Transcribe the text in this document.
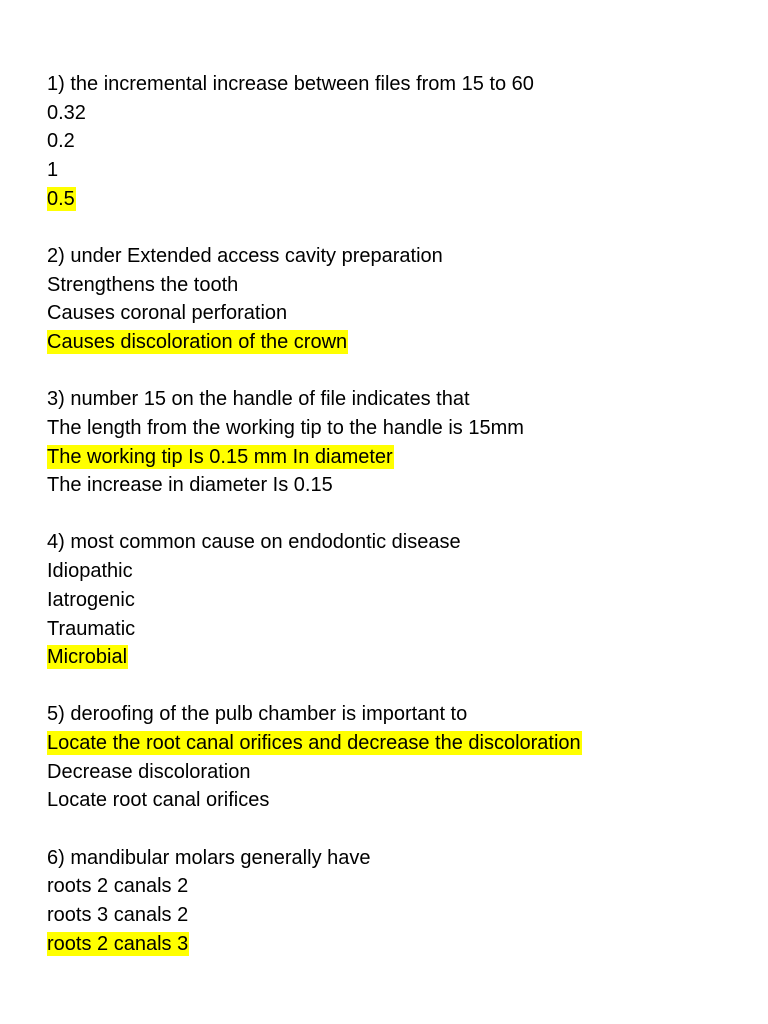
1) the incremental increase between files from 15 to 60
0.32
0.2
1
0.5
2) under Extended access cavity preparation
Strengthens the tooth
Causes coronal perforation
Causes discoloration of the crown
3) number 15 on the handle of file indicates that
The length from the working tip to the handle is 15mm
The working tip Is 0.15 mm In diameter
The increase in diameter Is 0.15
4) most common cause on endodontic disease
Idiopathic
Iatrogenic
Traumatic
Microbial
5) deroofing of the pulb chamber is important to
Locate the root canal orifices and decrease the discoloration
Decrease discoloration
Locate root canal orifices
6) mandibular molars generally have
roots 2 canals 2
roots 3 canals 2
roots 2 canals 3
